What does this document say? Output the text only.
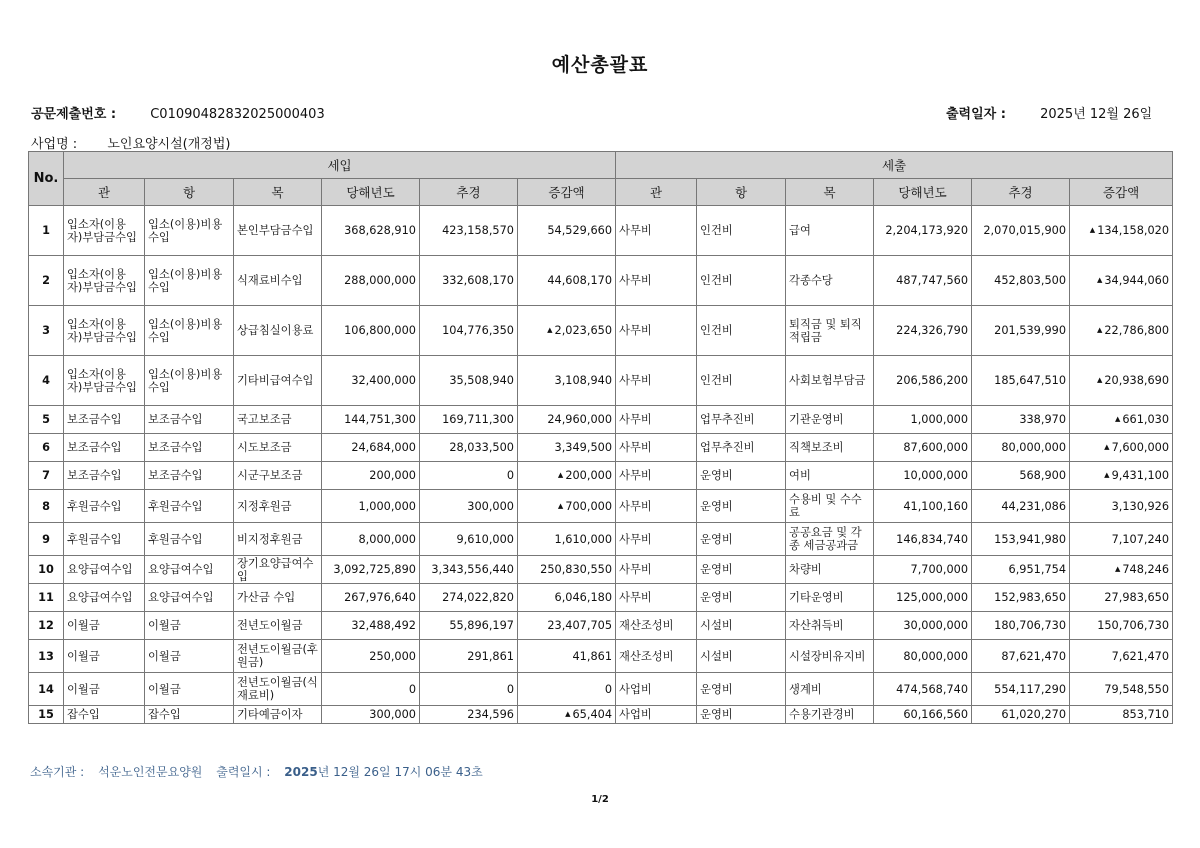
예산총괄표
공문제출번호 :	C01090482832025000403	출력일자 :	2025년 12월 26일
사업명 : 노인요양시설(개정법)
No.	세입						세출					
	관	항	목	당해년도	추경	증감액	관	항	목	당해년도	추경	증감액
1	입소자(이용자)부담금수입	입소(이용)비용수입	본인부담금수입	368,628,910	423,158,570	54,529,660	사무비	인건비	급여	2,204,173,920	2,070,015,900	▲ 134,158,020
2	입소자(이용자)부담금수입	입소(이용)비용수입	식재료비수입	288,000,000	332,608,170	44,608,170	사무비	인건비	각종수당	487,747,560	452,803,500	▲ 34,944,060
3	입소자(이용자)부담금수입	입소(이용)비용수입	상급침실이용료	106,800,000	104,776,350	▲ 2,023,650	사무비	인건비	퇴직금 및 퇴직적립금	224,326,790	201,539,990	▲ 22,786,800
4	입소자(이용자)부담금수입	입소(이용)비용수입	기타비급여수입	32,400,000	35,508,940	3,108,940	사무비	인건비	사회보험부담금	206,586,200	185,647,510	▲ 20,938,690
5	보조금수입	보조금수입	국고보조금	144,751,300	169,711,300	24,960,000	사무비	업무추진비	기관운영비	1,000,000	338,970	▲ 661,030
6	보조금수입	보조금수입	시도보조금	24,684,000	28,033,500	3,349,500	사무비	업무추진비	직책보조비	87,600,000	80,000,000	▲ 7,600,000
7	보조금수입	보조금수입	시군구보조금	200,000	0	▲ 200,000	사무비	운영비	여비	10,000,000	568,900	▲ 9,431,100
8	후원금수입	후원금수입	지정후원금	1,000,000	300,000	▲ 700,000	사무비	운영비	수용비 및 수수료	41,100,160	44,231,086	3,130,926
9	후원금수입	후원금수입	비지정후원금	8,000,000	9,610,000	1,610,000	사무비	운영비	공공요금 및 각종 세금공과금	146,834,740	153,941,980	7,107,240
10	요양급여수입	요양급여수입	장기요양급여수입	3,092,725,890	3,343,556,440	250,830,550	사무비	운영비	차량비	7,700,000	6,951,754	▲ 748,246
11	요양급여수입	요양급여수입	가산금 수입	267,976,640	274,022,820	6,046,180	사무비	운영비	기타운영비	125,000,000	152,983,650	27,983,650
12	이월금	이월금	전년도이월금	32,488,492	55,896,197	23,407,705	재산조성비	시설비	자산취득비	30,000,000	180,706,730	150,706,730
13	이월금	이월금	전년도이월금(후원금)	250,000	291,861	41,861	재산조성비	시설비	시설장비유지비	80,000,000	87,621,470	7,621,470
14	이월금	이월금	전년도이월금(식재료비)	0	0	0	사업비	운영비	생계비	474,568,740	554,117,290	79,548,550
15	잡수입	잡수입	기타예금이자	300,000	234,596	▲ 65,404	사업비	운영비	수용기관경비	60,166,560	61,020,270	853,710
소속기관 : 석운노인전문요양원 출력일시 : 2025년 12월 26일 17시 06분 43초
1/2
